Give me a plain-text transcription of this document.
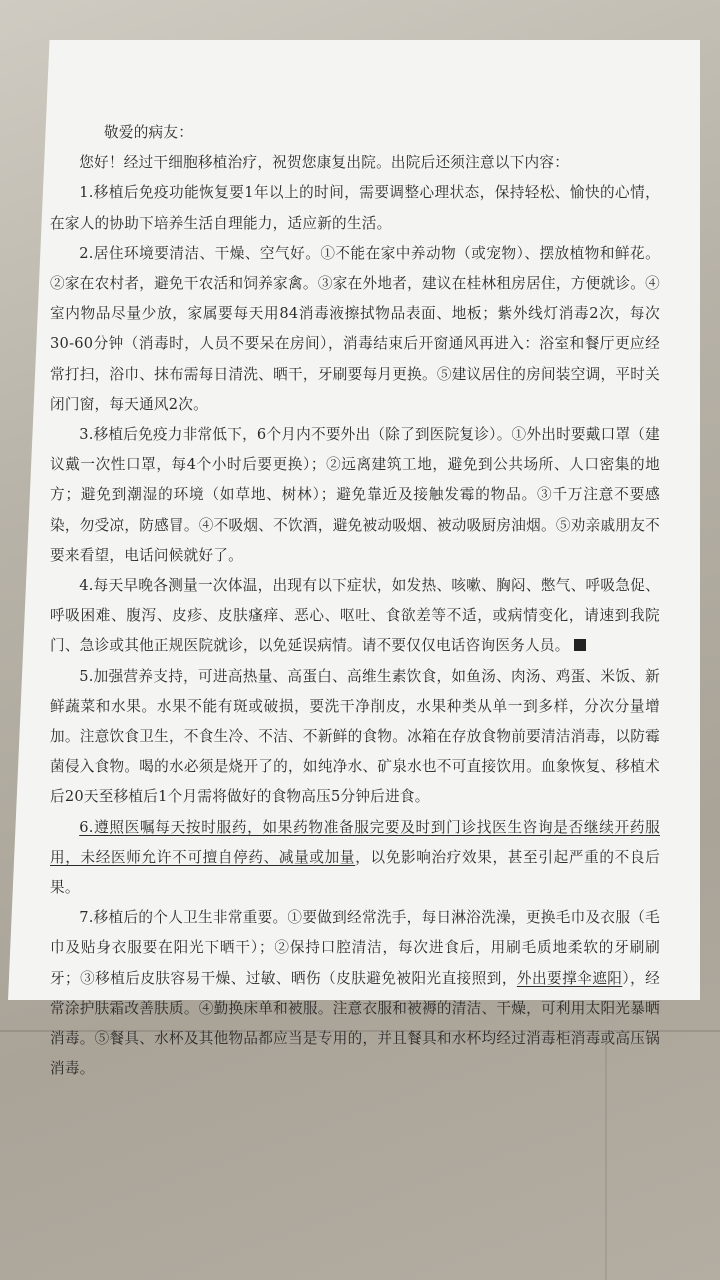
敬爱的病友：

您好！经过干细胞移植治疗，祝贺您康复出院。出院后还须注意以下内容：

1.移植后免疫功能恢复要1年以上的时间，需要调整心理状态，保持轻松、愉快的心情，在家人的协助下培养生活自理能力，适应新的生活。

2.居住环境要清洁、干燥、空气好。①不能在家中养动物（或宠物）、摆放植物和鲜花。②家在农村者，避免干农活和饲养家禽。③家在外地者，建议在桂林租房居住，方便就诊。④室内物品尽量少放，家属要每天用84消毒液擦拭物品表面、地板；紫外线灯消毒2次，每次30-60分钟（消毒时，人员不要呆在房间），消毒结束后开窗通风再进入：浴室和餐厅更应经常打扫，浴巾、抹布需每日清洗、晒干，牙刷要每月更换。⑤建议居住的房间装空调，平时关闭门窗，每天通风2次。

3.移植后免疫力非常低下，6个月内不要外出（除了到医院复诊）。①外出时要戴口罩（建议戴一次性口罩，每4个小时后要更换）；②远离建筑工地，避免到公共场所、人口密集的地方；避免到潮湿的环境（如草地、树林）；避免靠近及接触发霉的物品。③千万注意不要感染，勿受凉，防感冒。④不吸烟、不饮酒，避免被动吸烟、被动吸厨房油烟。⑤劝亲戚朋友不要来看望，电话问候就好了。

4.每天早晚各测量一次体温，出现有以下症状，如发热、咳嗽、胸闷、憋气、呼吸急促、呼吸困难、腹泻、皮疹、皮肤瘙痒、恶心、呕吐、食欲差等不适，或病情变化，请速到我院门、急诊或其他正规医院就诊，以免延误病情。请不要仅仅电话咨询医务人员。

5.加强营养支持，可进高热量、高蛋白、高维生素饮食，如鱼汤、肉汤、鸡蛋、米饭、新鲜蔬菜和水果。水果不能有斑或破损，要洗干净削皮，水果种类从单一到多样，分次分量增加。注意饮食卫生，不食生冷、不洁、不新鲜的食物。冰箱在存放食物前要清洁消毒，以防霉菌侵入食物。喝的水必须是烧开了的，如纯净水、矿泉水也不可直接饮用。血象恢复、移植术后20天至移植后1个月需将做好的食物高压5分钟后进食。

6.遵照医嘱每天按时服药，如果药物准备服完要及时到门诊找医生咨询是否继续开药服用，未经医师允许不可擅自停药、减量或加量，以免影响治疗效果，甚至引起严重的不良后果。

7.移植后的个人卫生非常重要。①要做到经常洗手，每日淋浴洗澡，更换毛巾及衣服（毛巾及贴身衣服要在阳光下晒干）；②保持口腔清洁，每次进食后，用刷毛质地柔软的牙刷刷牙；③移植后皮肤容易干燥、过敏、晒伤（皮肤避免被阳光直接照到，外出要撑伞遮阳），经常涂护肤霜改善肤质。④勤换床单和被服。注意衣服和被褥的清洁、干燥，可利用太阳光暴晒消毒。⑤餐具、水杯及其他物品都应当是专用的，并且餐具和水杯均经过消毒柜消毒或高压锅消毒。
